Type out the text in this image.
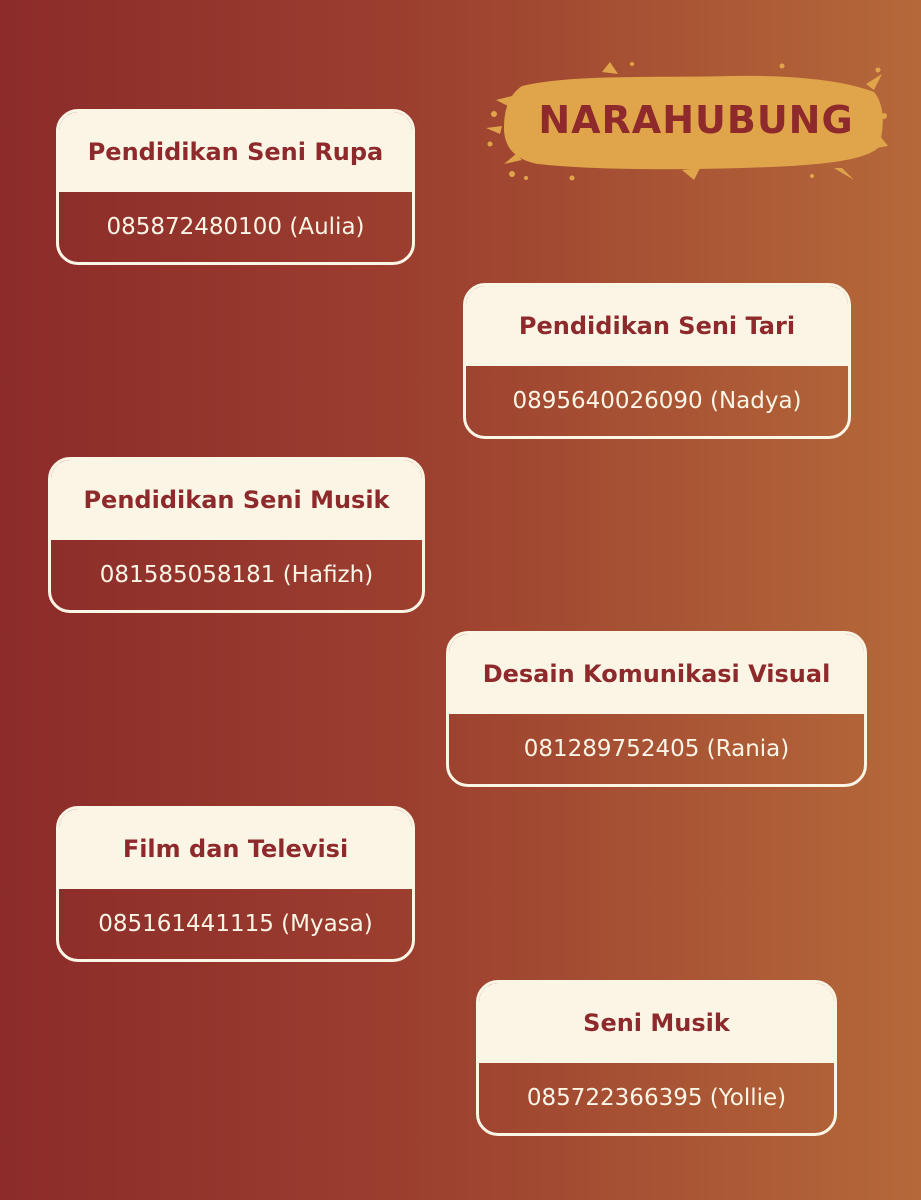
NARAHUBUNG
Pendidikan Seni Rupa
085872480100 (Aulia)
Pendidikan Seni Tari
0895640026090 (Nadya)
Pendidikan Seni Musik
081585058181 (Hafizh)
Desain Komunikasi Visual
081289752405 (Rania)
Film dan Televisi
085161441115 (Myasa)
Seni Musik
085722366395 (Yollie)
